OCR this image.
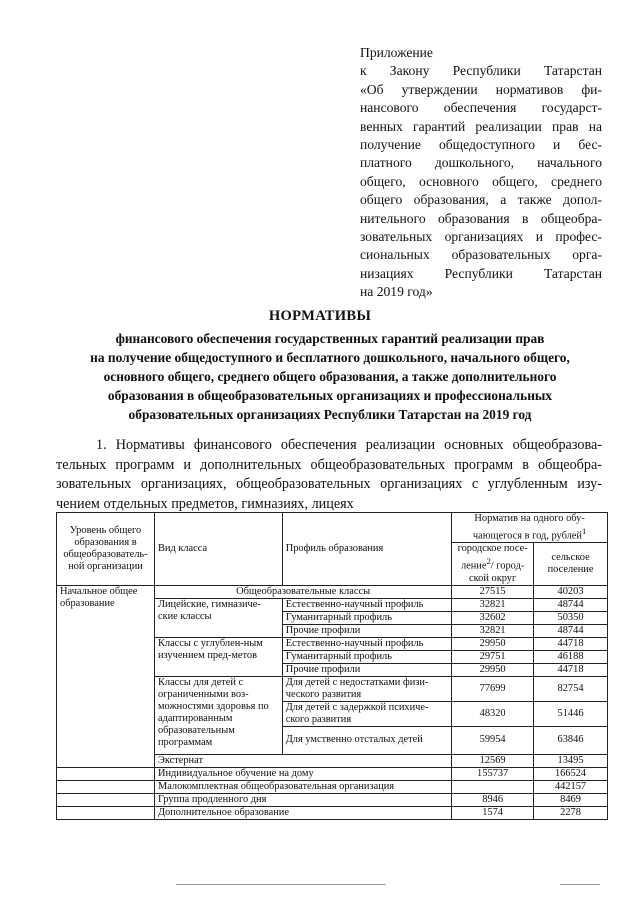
Приложение
к Закону Республики Татарстан
«Об утверждении нормативов фи-
нансового обеспечения государст-
венных гарантий реализации прав на
получение общедоступного и бес-
платного дошкольного, начального
общего, основного общего, среднего
общего образования, а также допол-
нительного образования в общеобра-
зовательных организациях и профес-
сиональных образовательных орга-
низациях Республики Татарстан
на 2019 год»
НОРМАТИВЫ
финансового обеспечения государственных гарантий реализации прав
на получение общедоступного и бесплатного дошкольного, начального общего,
основного общего, среднего общего образования, а также дополнительного
образования в общеобразовательных организациях и профессиональных
образовательных организациях Республики Татарстан на 2019 год
1. Нормативы финансового обеспечения реализации основных общеобразова-
тельных программ и дополнительных общеобразовательных программ в общеобра-
зовательных организациях, общеобразовательных организациях с углубленным изу-
чением отдельных предметов, гимназиях, лицеях
Уровень общего образования в общеобразователь-ной организации	Вид класса	Профиль образования	Норматив на одного обу-чающегося в год, рублей$^1$
			городское посе-ление$^2$/ город-ской округ	сельское поселение
Начальное общее образование	Общеобразовательные классы		27515	40203
	Лицейские, гимназиче-ские классы	Естественно-научный профиль	32821	48744
		Гуманитарный профиль	32602	50350
		Прочие профили	32821	48744
	Классы с углублен-ным изучением пред-метов	Естественно-научный профиль	29950	44718
		Гуманитарный профиль	29751	46188
		Прочие профили	29950	44718
	Классы для детей с ограниченными воз-можностями здоровья по адаптированным образовательным программам	Для детей с недостатками физи-ческого развития	77699	82754
		Для детей с задержкой психиче-ского развития	48320	51446
		Для умственно отсталых детей	59954	63846
	Экстернат		12569	13495
	Индивидуальное обучение на дому		155737	166524
	Малокомплектная общеобразовательная организация			442157
	Группа продленного дня		8946	8469
	Дополнительное образование		1574	2278
